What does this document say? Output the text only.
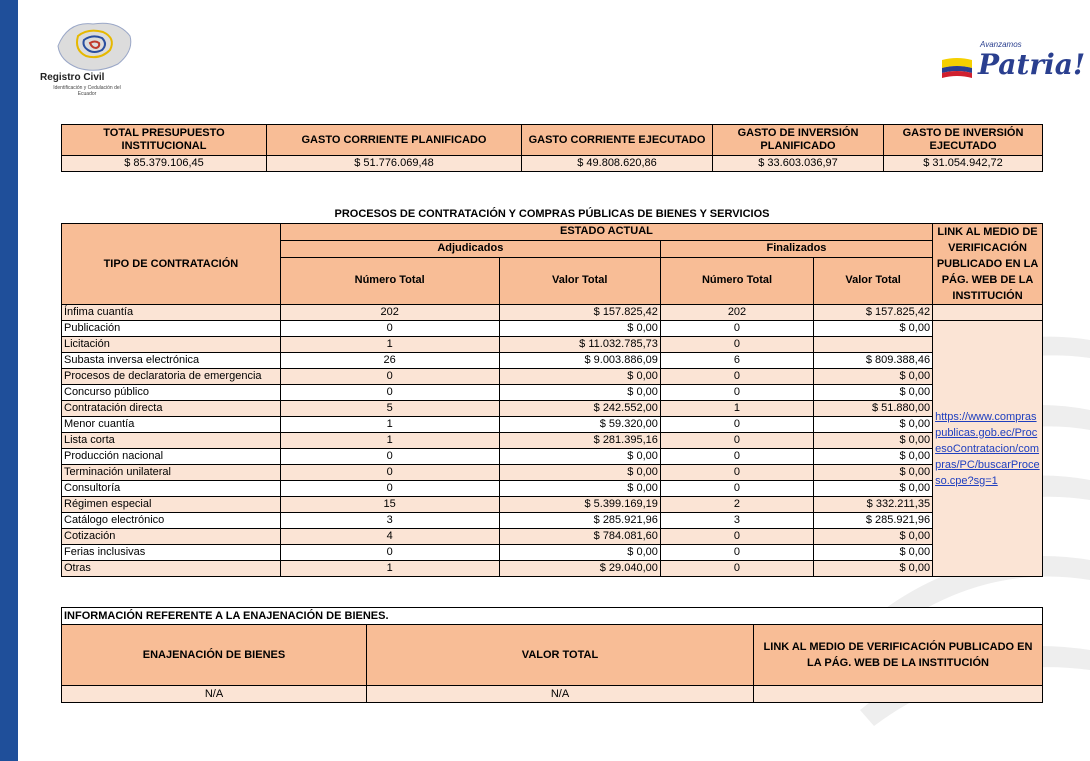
Registro Civil
Identificación y Cedulación del Ecuador
Avanzamos
Patria!
TOTAL PRESUPUESTO INSTITUCIONAL	GASTO CORRIENTE PLANIFICADO	GASTO CORRIENTE EJECUTADO	GASTO DE INVERSIÓN PLANIFICADO	GASTO DE INVERSIÓN EJECUTADO
$ 85.379.106,45	$ 51.776.069,48	$ 49.808.620,86	$ 33.603.036,97	$ 31.054.942,72
PROCESOS DE CONTRATACIÓN Y COMPRAS PÚBLICAS DE BIENES Y SERVICIOS
TIPO DE CONTRATACIÓN	ESTADO ACTUAL				LINK AL MEDIO DE VERIFICACIÓN PUBLICADO EN LA PÁG. WEB DE LA INSTITUCIÓN
	Adjudicados		Finalizados		
	Número Total	Valor Total	Número Total	Valor Total	
Ínfima cuantía	202	$ 157.825,42	202	$ 157.825,42	
Publicación	0	$ 0,00	0	$ 0,00	https://www.compraspublicas.gob.ec/ProcesoContratacion/compras/PC/buscarProceso.cpe?sg=1
Licitación	1	$ 11.032.785,73	0		
Subasta inversa electrónica	26	$ 9.003.886,09	6	$ 809.388,46	
Procesos de declaratoria de emergencia	0	$ 0,00	0	$ 0,00	
Concurso público	0	$ 0,00	0	$ 0,00	
Contratación directa	5	$ 242.552,00	1	$ 51.880,00	
Menor cuantía	1	$ 59.320,00	0	$ 0,00	
Lista corta	1	$ 281.395,16	0	$ 0,00	
Producción nacional	0	$ 0,00	0	$ 0,00	
Terminación unilateral	0	$ 0,00	0	$ 0,00	
Consultoría	0	$ 0,00	0	$ 0,00	
Régimen especial	15	$ 5.399.169,19	2	$ 332.211,35	
Catálogo electrónico	3	$ 285.921,96	3	$ 285.921,96	
Cotización	4	$ 784.081,60	0	$ 0,00	
Ferias inclusivas	0	$ 0,00	0	$ 0,00	
Otras	1	$ 29.040,00	0	$ 0,00	
INFORMACIÓN REFERENTE A LA ENAJENACIÓN DE BIENES.		
ENAJENACIÓN DE BIENES	VALOR TOTAL	LINK AL MEDIO DE VERIFICACIÓN PUBLICADO EN LA PÁG. WEB DE LA INSTITUCIÓN
N/A	N/A	
